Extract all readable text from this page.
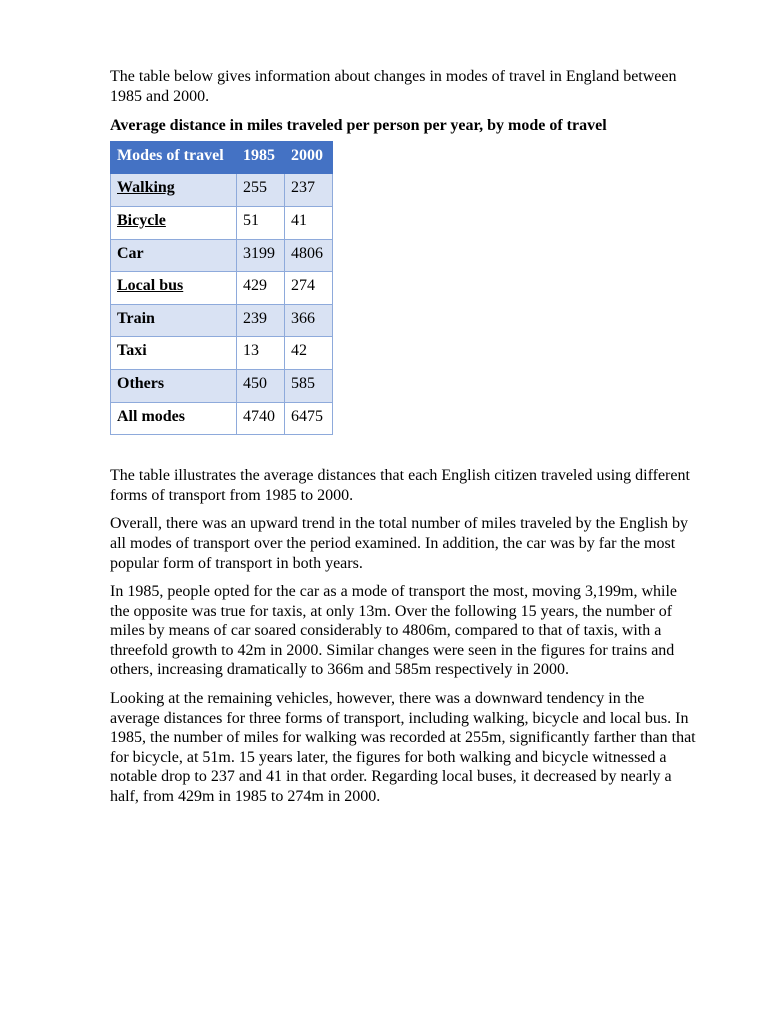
The table below gives information about changes in modes of travel in England between 1985 and 2000.

Average distance in miles traveled per person per year, by mode of travel

Modes of travel	1985	2000
Walking	255	237
Bicycle	51	41
Car	3199	4806
Local bus	429	274
Train	239	366
Taxi	13	42
Others	450	585
All modes	4740	6475

The table illustrates the average distances that each English citizen traveled using different forms of transport from 1985 to 2000.

Overall, there was an upward trend in the total number of miles traveled by the English by all modes of transport over the period examined. In addition, the car was by far the most popular form of transport in both years.

In 1985, people opted for the car as a mode of transport the most, moving 3,199m, while the opposite was true for taxis, at only 13m. Over the following 15 years, the number of miles by means of car soared considerably to 4806m, compared to that of taxis, with a threefold growth to 42m in 2000. Similar changes were seen in the figures for trains and others, increasing dramatically to 366m and 585m respectively in 2000.

Looking at the remaining vehicles, however, there was a downward tendency in the average distances for three forms of transport, including walking, bicycle and local bus. In 1985, the number of miles for walking was recorded at 255m, significantly farther than that for bicycle, at 51m. 15 years later, the figures for both walking and bicycle witnessed a notable drop to 237 and 41 in that order. Regarding local buses, it decreased by nearly a half, from 429m in 1985 to 274m in 2000.
